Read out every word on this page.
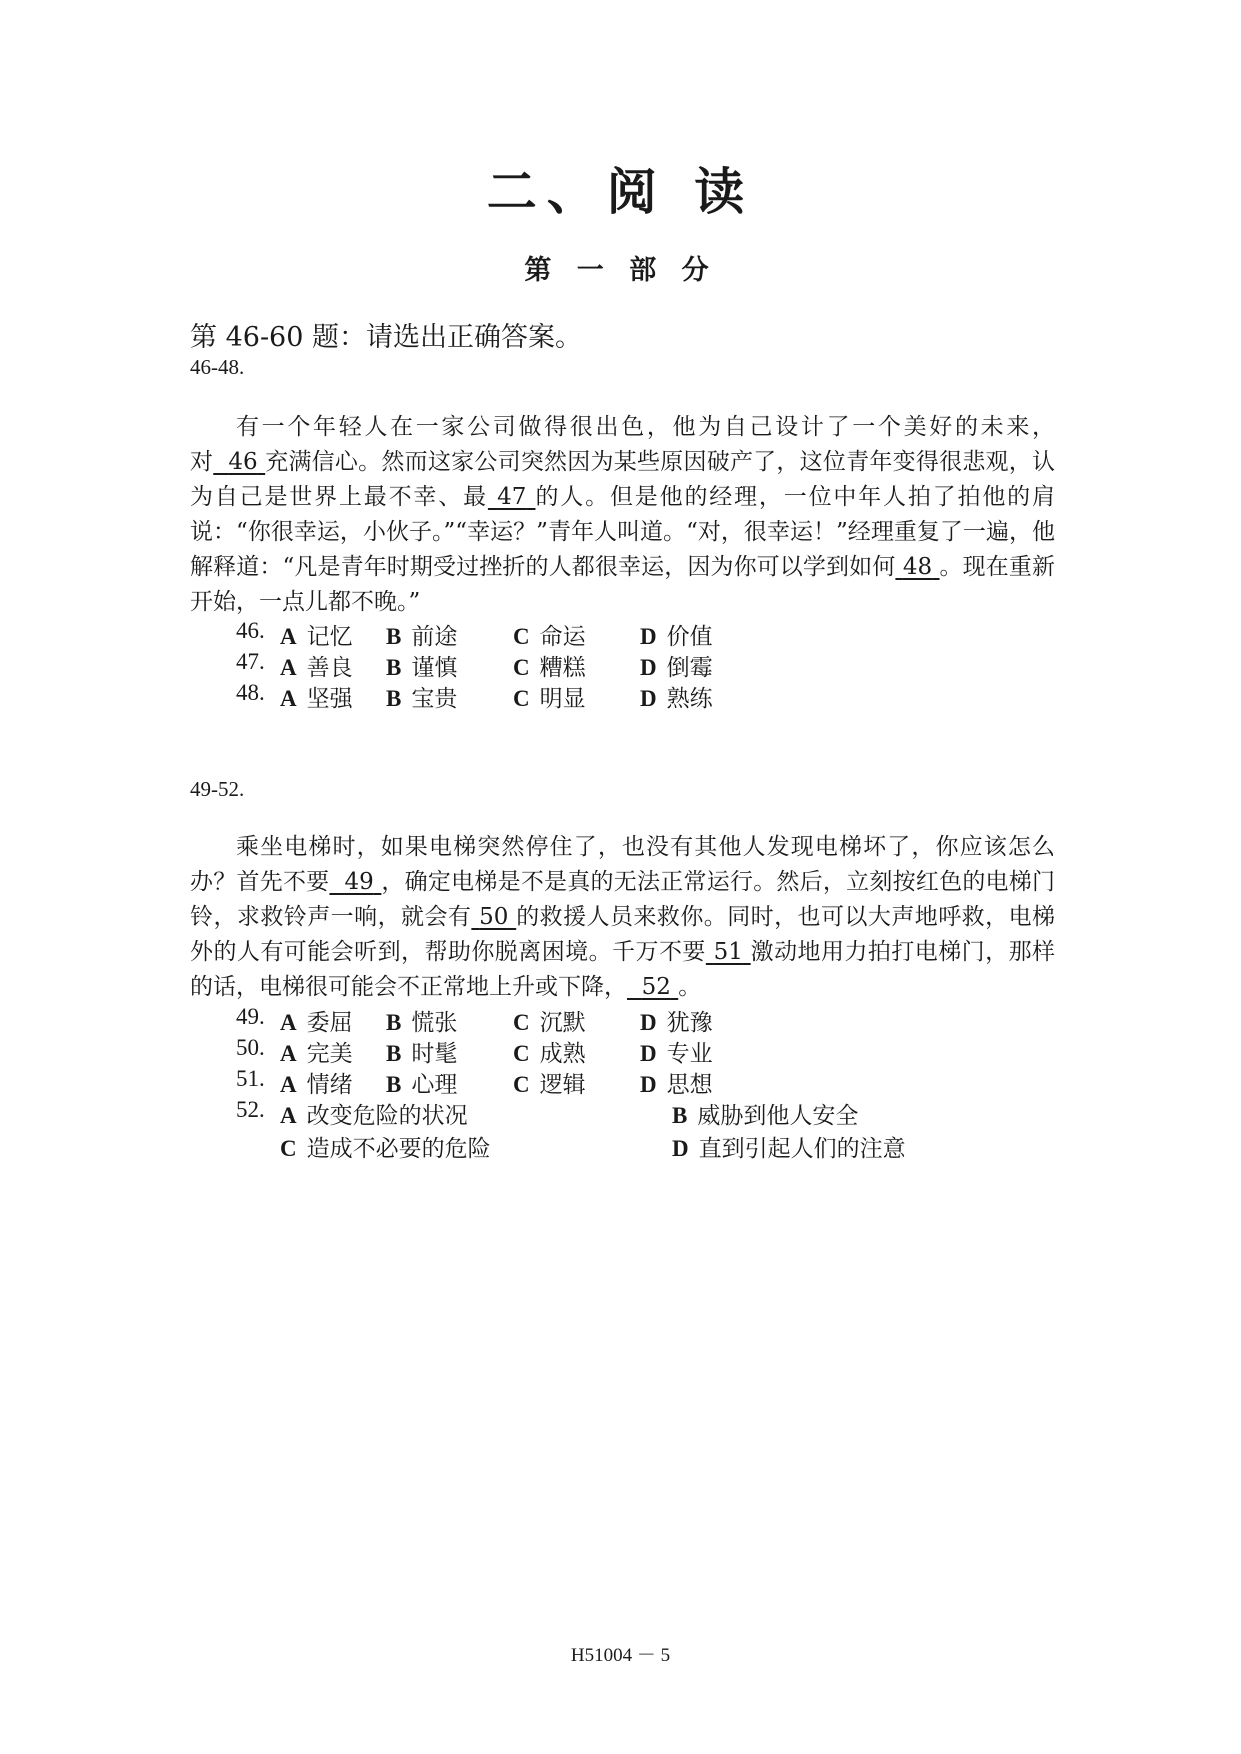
二、阅 读
第 一 部 分
第 46-60 题：请选出正确答案。
46-48.

有一个年轻人在一家公司做得很出色，他为自己设计了一个美好的未来，对 46 充满信心。然而这家公司突然因为某些原因破产了，这位青年变得很悲观，认为自己是世界上最不幸、最 47 的人。但是他的经理，一位中年人拍了拍他的肩说：“你很幸运，小伙子。”“幸运？”青年人叫道。“对，很幸运！”经理重复了一遍，他解释道：“凡是青年时期受过挫折的人都很幸运，因为你可以学到如何 48 。现在重新开始，一点儿都不晚。”

46. A 记忆 B 前途 C 命运 D 价值
47. A 善良 B 谨慎 C 糟糕 D 倒霉
48. A 坚强 B 宝贵 C 明显 D 熟练
49-52.

乘坐电梯时，如果电梯突然停住了，也没有其他人发现电梯坏了，你应该怎么办？首先不要 49 ，确定电梯是不是真的无法正常运行。然后，立刻按红色的电梯门铃，求救铃声一响，就会有 50 的救援人员来救你。同时，也可以大声地呼救，电梯外的人有可能会听到，帮助你脱离困境。千万不要 51 激动地用力拍打电梯门，那样的话，电梯很可能会不正常地上升或下降， 52 。

49. A 委屈 B 慌张 C 沉默 D 犹豫
50. A 完美 B 时髦 C 成熟 D 专业
51. A 情绪 B 心理 C 逻辑 D 思想
52. A 改变危险的状况	B 威胁到他人安全
C 造成不必要的危险	D 直到引起人们的注意
H51004 － 5
